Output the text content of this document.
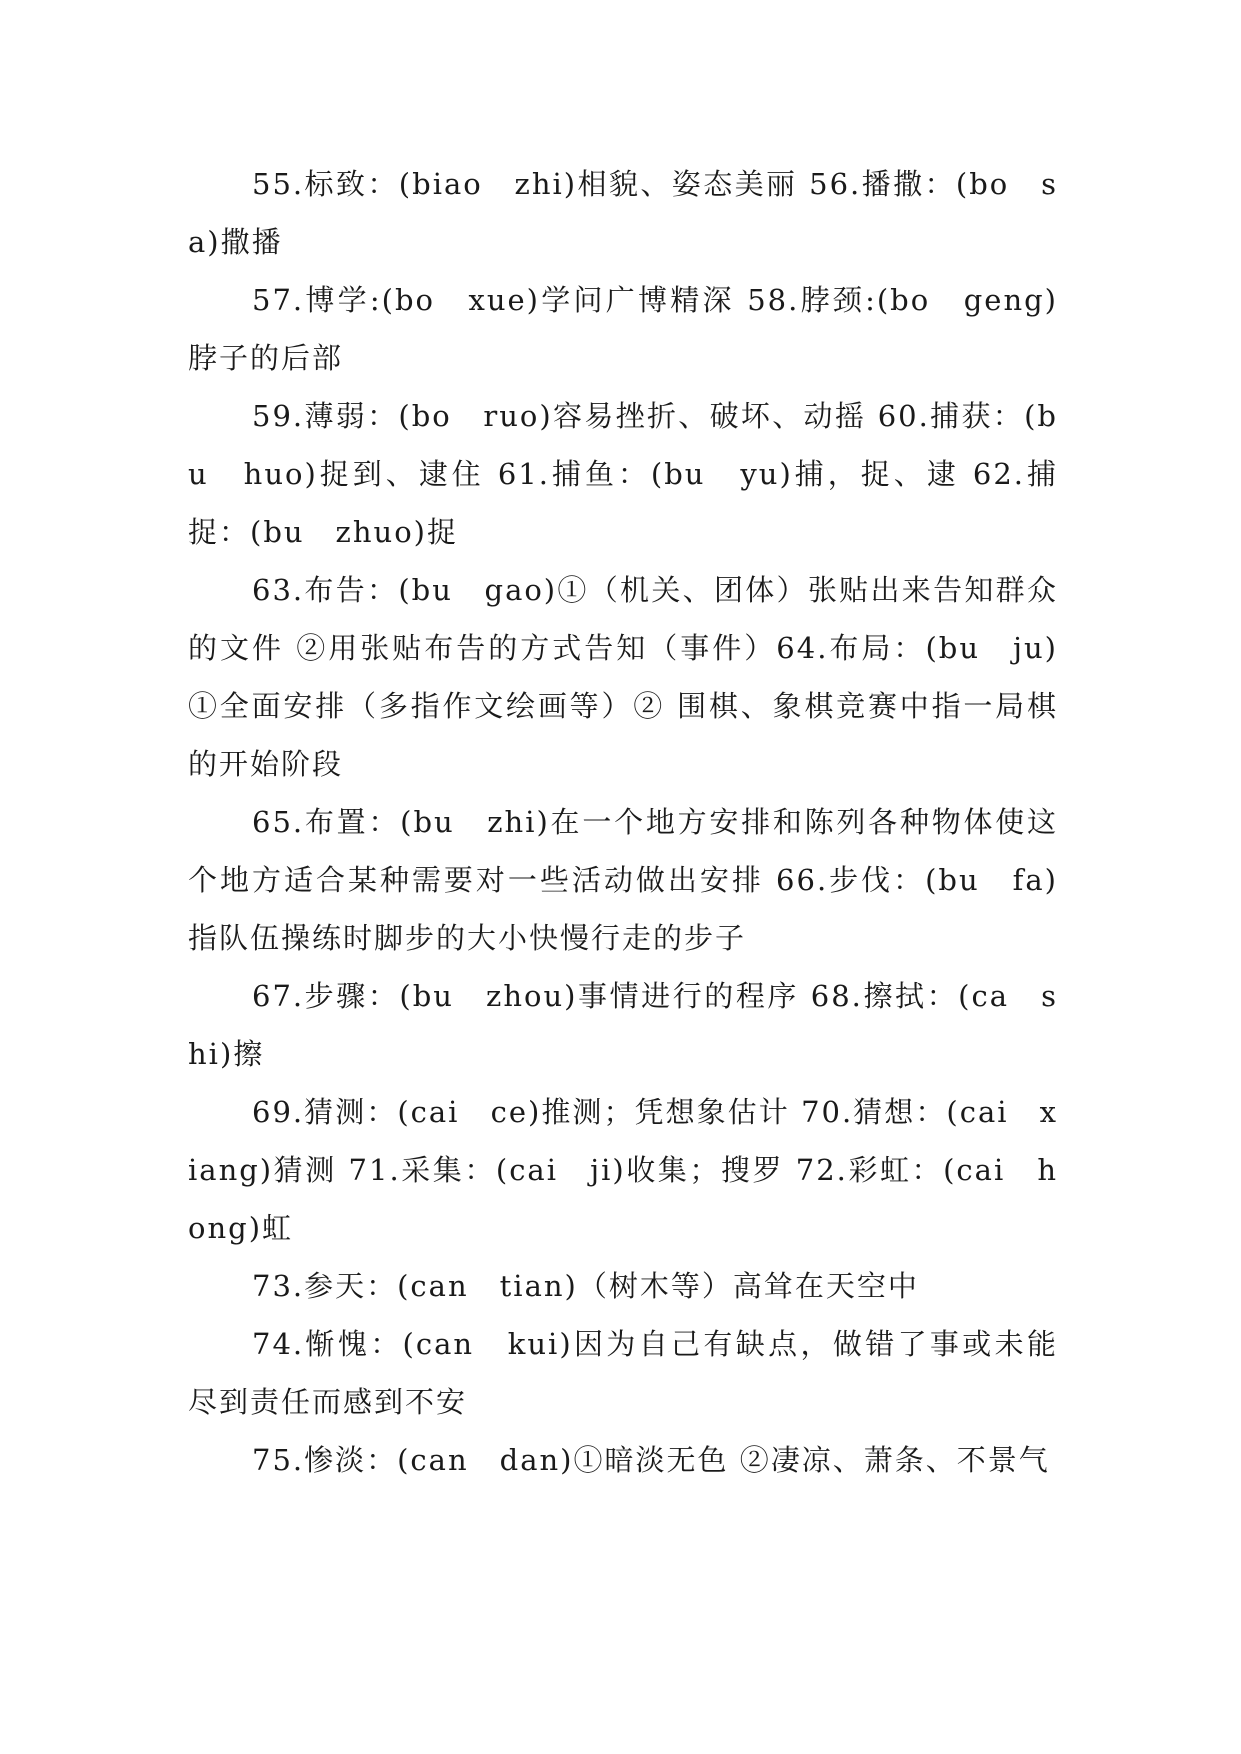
55.标致：(biao　zhi)相貌、姿态美丽 56.播撒：(bo　sa)撒播

57.博学:(bo　xue)学问广博精深 58.脖颈:(bo　geng)脖子的后部

59.薄弱：(bo　ruo)容易挫折、破坏、动摇 60.捕获：(bu　huo)捉到、逮住 61.捕鱼：(bu　yu)捕，捉、逮 62.捕捉：(bu　zhuo)捉

63.布告：(bu　gao)①（机关、团体）张贴出来告知群众的文件 ②用张贴布告的方式告知（事件）64.布局：(bu　ju)①全面安排（多指作文绘画等）② 围棋、象棋竞赛中指一局棋的开始阶段

65.布置：(bu　zhi)在一个地方安排和陈列各种物体使这个地方适合某种需要对一些活动做出安排 66.步伐：(bu　fa)指队伍操练时脚步的大小快慢行走的步子

67.步骤：(bu　zhou)事情进行的程序 68.擦拭：(ca　shi)擦

69.猜测：(cai　ce)推测；凭想象估计 70.猜想：(cai　xiang)猜测 71.采集：(cai　ji)收集；搜罗 72.彩虹：(cai　hong)虹

73.参天：(can　tian)（树木等）高耸在天空中

74.惭愧：(can　kui)因为自己有缺点，做错了事或未能尽到责任而感到不安

75.惨淡：(can　dan)①暗淡无色 ②凄凉、萧条、不景气
